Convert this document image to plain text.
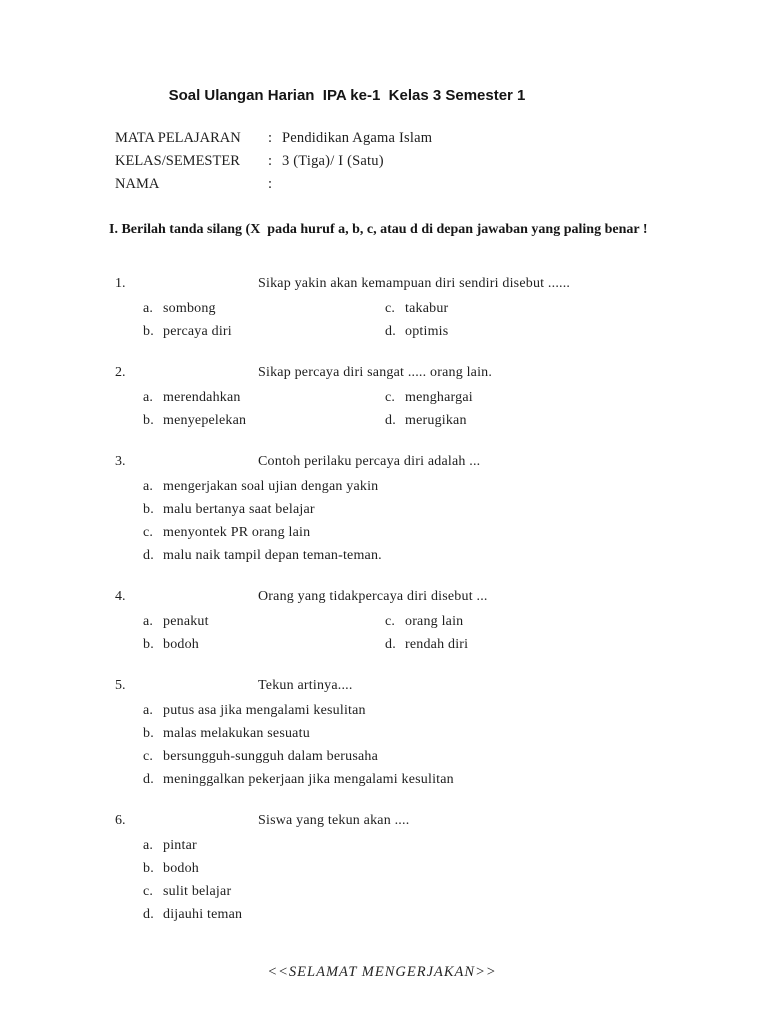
Soal Ulangan Harian  IPA ke-1  Kelas 3 Semester 1
MATA PELAJARAN : Pendidikan Agama Islam
KELAS/SEMESTER : 3 (Tiga)/ I (Satu)
NAMA	:
I. Berilah tanda silang (X  pada huruf a, b, c, atau d di depan jawaban yang paling benar !
1.	Sikap yakin akan kemampuan diri sendiri disebut ......
a. sombong
b. percaya diri
c. takabur
d. optimis
2.	Sikap percaya diri sangat ..... orang lain.
a. merendahkan
b. menyepelekan
c. menghargai
d. merugikan
3.	Contoh perilaku percaya diri adalah ...
a. mengerjakan soal ujian dengan yakin
b. malu bertanya saat belajar
c. menyontek PR orang lain
d. malu naik tampil depan teman-teman.
4.	Orang yang tidakpercaya diri disebut ...
a. penakut
b. bodoh
c. orang lain
d. rendah diri
5.	Tekun artinya....
a. putus asa jika mengalami kesulitan
b. malas melakukan sesuatu
c. bersungguh-sungguh dalam berusaha
d. meninggalkan pekerjaan jika mengalami kesulitan
6.	Siswa yang tekun akan ....
a. pintar
b. bodoh
c. sulit belajar
d. dijauhi teman
<<SELAMAT MENGERJAKAN>>
